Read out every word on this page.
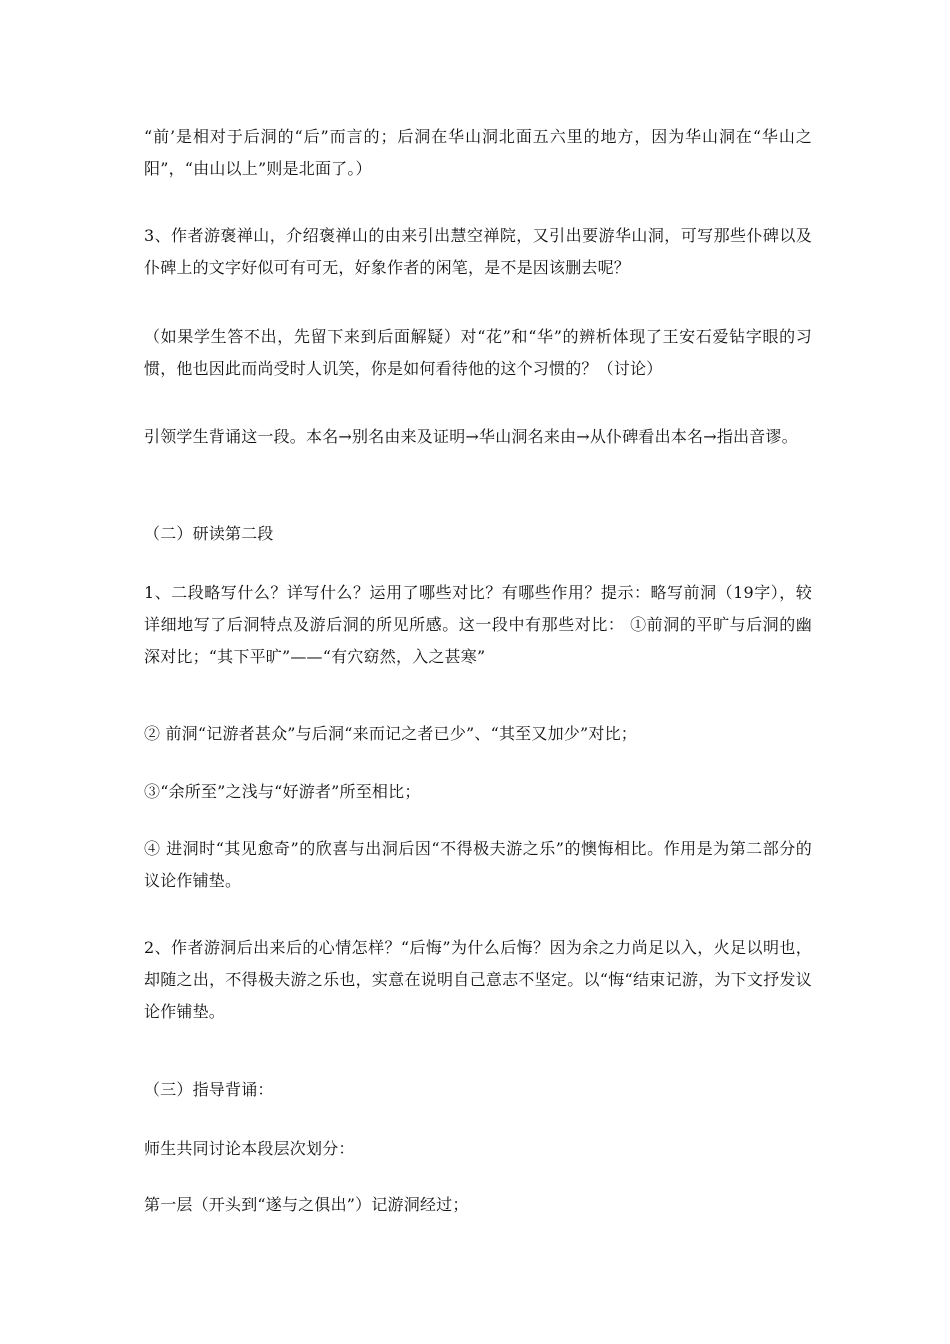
“前’是相对于后洞的“后”而言的；后洞在华山洞北面五六里的地方，因为华山洞在“华山之阳”，“由山以上”则是北面了。）

3、作者游褒禅山，介绍褒禅山的由来引出慧空禅院，又引出要游华山洞，可写那些仆碑以及仆碑上的文字好似可有可无，好象作者的闲笔，是不是因该删去呢？

（如果学生答不出，先留下来到后面解疑）对“花”和“华”的辨析体现了王安石爱钻字眼的习惯，他也因此而尚受时人讥笑，你是如何看待他的这个习惯的？（讨论）

引领学生背诵这一段。本名→别名由来及证明→华山洞名来由→从仆碑看出本名→指出音谬。

（二）研读第二段

1、二段略写什么？详写什么？运用了哪些对比？有哪些作用？提示：略写前洞（19字），较详细地写了后洞特点及游后洞的所见所感。这一段中有那些对比： ①前洞的平旷与后洞的幽深对比；“其下平旷”——“有穴窈然，入之甚寒”

② 前洞“记游者甚众”与后洞“来而记之者已少”、“其至又加少”对比；

③“余所至”之浅与“好游者”所至相比；

④ 进洞时“其见愈奇”的欣喜与出洞后因“不得极夫游之乐”的懊悔相比。作用是为第二部分的议论作铺垫。

2、作者游洞后出来后的心情怎样？“后悔”为什么后悔？因为余之力尚足以入，火足以明也，却随之出，不得极夫游之乐也，实意在说明自己意志不坚定。以“悔“结束记游，为下文抒发议论作铺垫。

（三）指导背诵：

师生共同讨论本段层次划分：

第一层（开头到“遂与之俱出”）记游洞经过；
